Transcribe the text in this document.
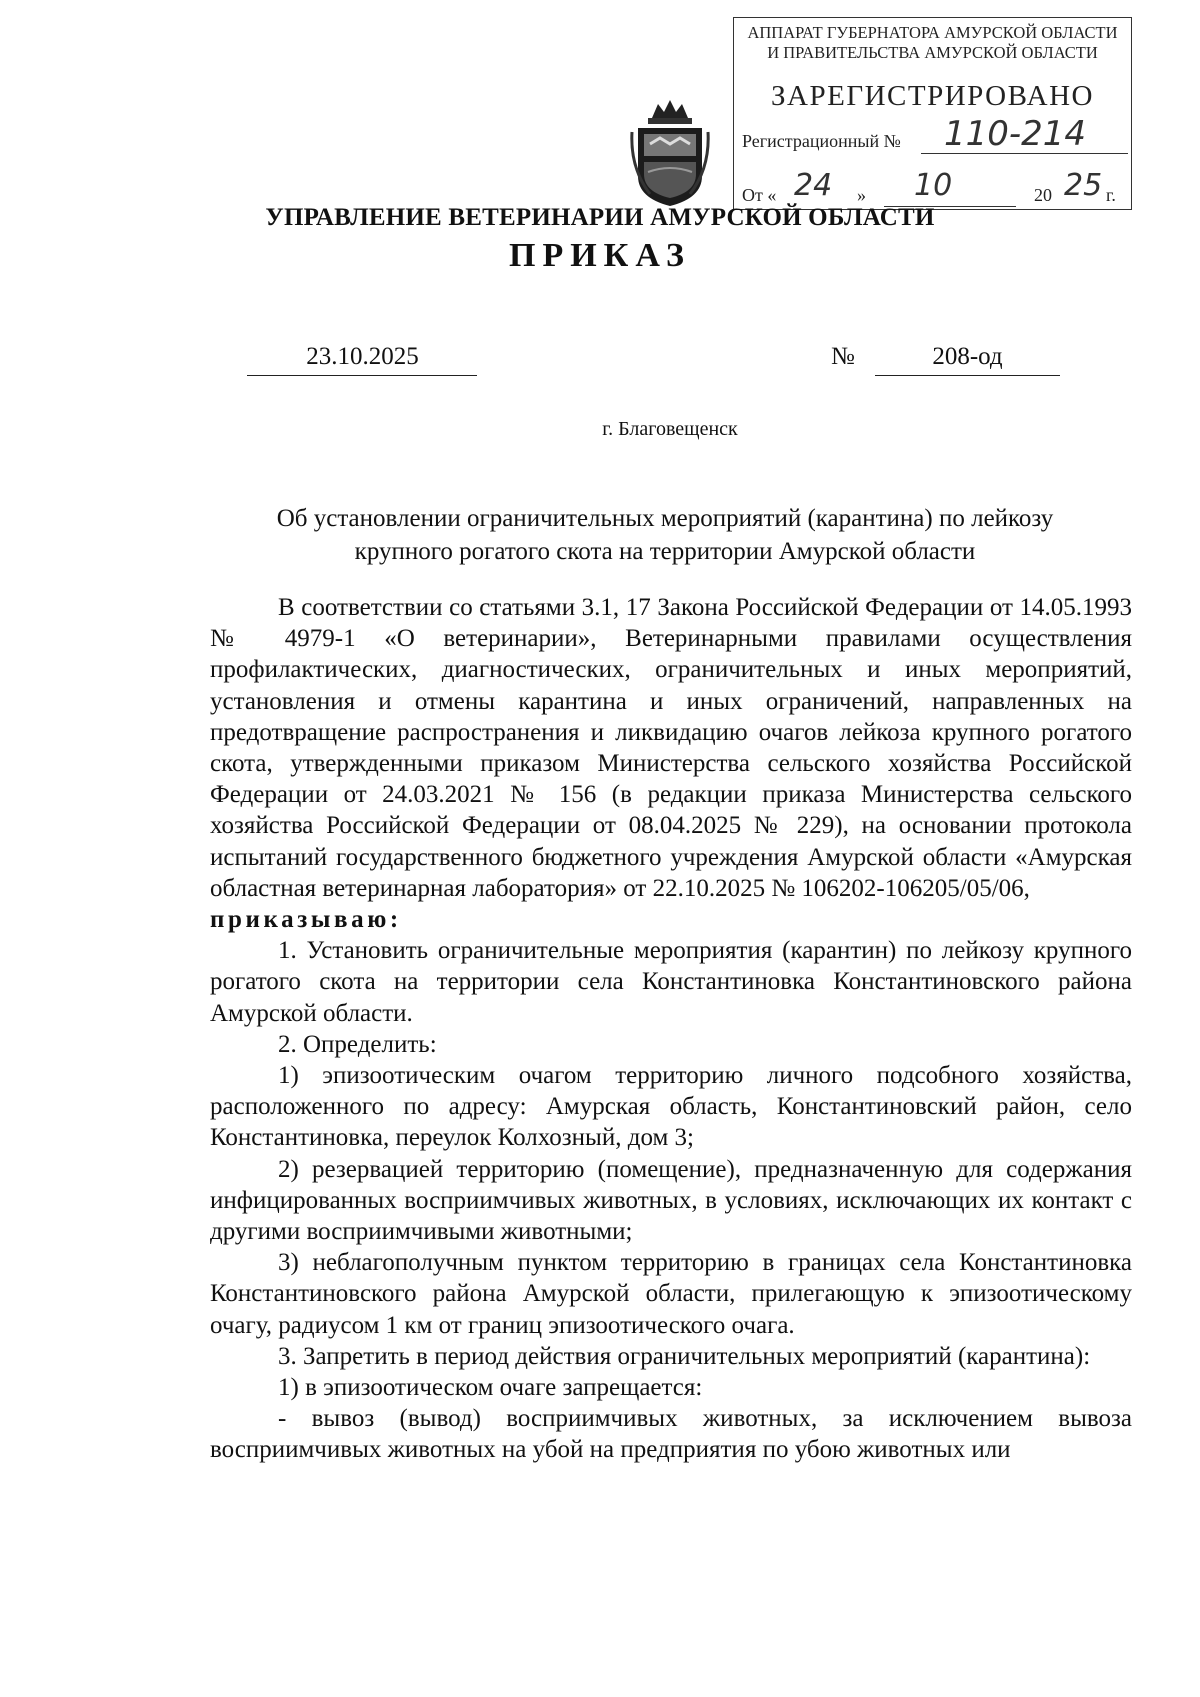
АППАРАТ ГУБЕРНАТОРА АМУРСКОЙ ОБЛАСТИ
И ПРАВИТЕЛЬСТВА АМУРСКОЙ ОБЛАСТИ
ЗАРЕГИСТРИРОВАНО
Регистрационный № 110-214
От « 24 » 10	20 25 г.
УПРАВЛЕНИЕ ВЕТЕРИНАРИИ АМУРСКОЙ ОБЛАСТИ
ПРИКАЗ
23.10.2025	№	208-од
г. Благовещенск
Об установлении ограничительных мероприятий (карантина) по лейкозу
крупного рогатого скота на территории Амурской области

В соответствии со статьями 3.1, 17 Закона Российской Федерации от 14.05.1993 № 4979-1 «О ветеринарии», Ветеринарными правилами осуществления профилактических, диагностических, ограничительных и иных мероприятий, установления и отмены карантина и иных ограничений, направленных на предотвращение распространения и ликвидацию очагов лейкоза крупного рогатого скота, утвержденными приказом Министерства сельского хозяйства Российской Федерации от 24.03.2021 № 156 (в редакции приказа Министерства сельского хозяйства Российской Федерации от 08.04.2025 № 229), на основании протокола испытаний государственного бюджетного учреждения Амурской области «Амурская областная ветеринарная лаборатория» от 22.10.2025 № 106202-106205/05/06,

приказываю:

1. Установить ограничительные мероприятия (карантин) по лейкозу крупного рогатого скота на территории села Константиновка Константиновского района Амурской области.

2. Определить:

1) эпизоотическим очагом территорию личного подсобного хозяйства, расположенного по адресу: Амурская область, Константиновский район, село Константиновка, переулок Колхозный, дом 3;

2) резервацией территорию (помещение), предназначенную для содержания инфицированных восприимчивых животных, в условиях, исключающих их контакт с другими восприимчивыми животными;

3) неблагополучным пунктом территорию в границах села Константиновка Константиновского района Амурской области, прилегающую к эпизоотическому очагу, радиусом 1 км от границ эпизоотического очага.

3. Запретить в период действия ограничительных мероприятий (карантина):

1) в эпизоотическом очаге запрещается:

- вывоз (вывод) восприимчивых животных, за исключением вывоза восприимчивых животных на убой на предприятия по убою животных или
